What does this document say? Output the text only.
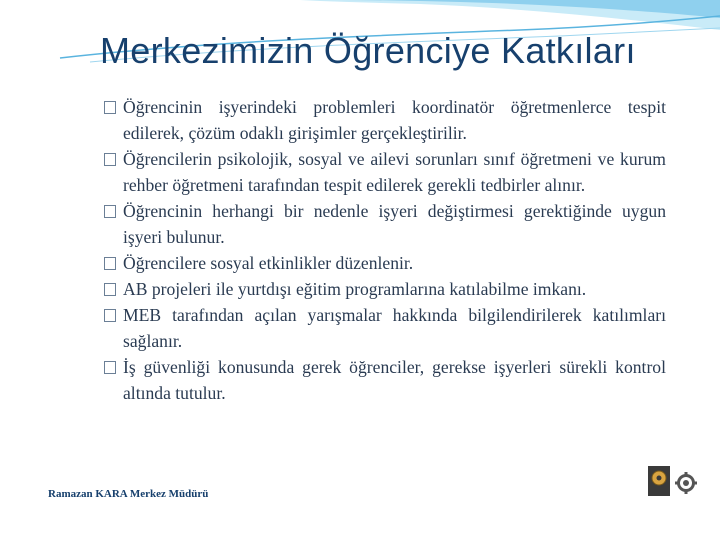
Merkezimizin Öğrenciye Katkıları
Öğrencinin işyerindeki problemleri koordinatör öğretmenlerce tespit edilerek, çözüm odaklı girişimler gerçekleştirilir.
Öğrencilerin psikolojik, sosyal ve ailevi sorunları sınıf öğretmeni ve kurum rehber öğretmeni tarafından tespit edilerek gerekli tedbirler alınır.
Öğrencinin herhangi bir nedenle işyeri değiştirmesi gerektiğinde uygun işyeri bulunur.
Öğrencilere sosyal etkinlikler düzenlenir.
AB projeleri ile yurtdışı eğitim programlarına katılabilme imkanı.
MEB tarafından açılan yarışmalar hakkında bilgilendirilerek katılımları sağlanır.
İş güvenliği konusunda gerek öğrenciler, gerekse işyerleri sürekli kontrol altında tutulur.
Ramazan KARA Merkez Müdürü
